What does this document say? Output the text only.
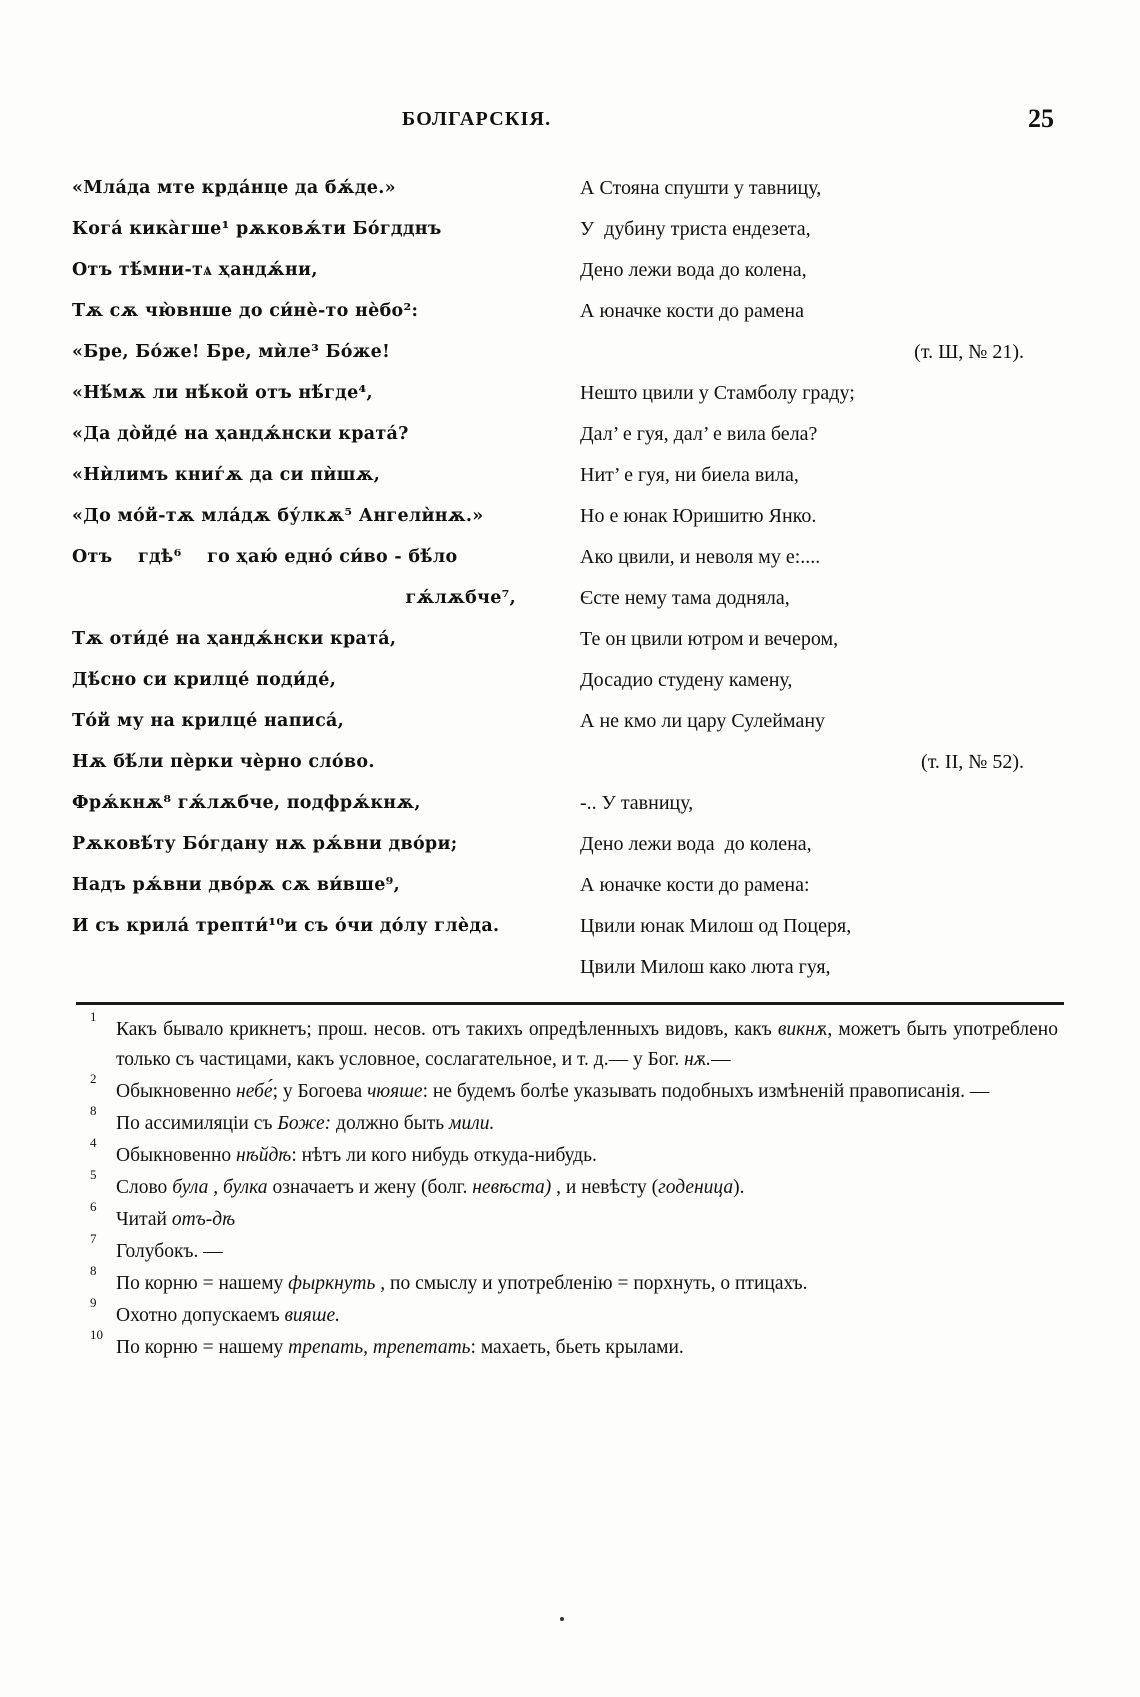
БОЛГАРСКІЯ.	25
«Мла́да мте крда́нце да бѫ́де.»
Кога́ кика̀гше¹ рѫковѫ́ти Бо́гдднъ
Отъ тѣ́мни-тѧ ҳандѫ́ни,
Тѫ сѫ чю̀внше до си́нѐ-то нѐбо²:
«Бре, Бо́же! Бре, мѝле³ Бо́же!
«Нѣ́мѫ ли нѣ́кой отъ нѣ́где⁴,
«Да до̀йде́ на ҳандѫ́нски крата́?
«Нѝлимъ книѓѫ да си пѝшѫ,
«До мо́й-тѫ мла́дѫ бу́лкѫ⁵ Ангелѝнѫ.»
Отъ    гдѣ⁶    го ҳаю́ еднó си́во - бѣ́ло
гѫ́лѫбче⁷,
Тѫ оти́де́ на ҳандѫ́нски крата́,
Дѣ́сно си крилце́ поди́де́,
То́й му на крилце́ написа́,
Нѫ бѣ́ли пѐрки чѐрно слóво.
Фрѫ́кнѫ⁸ гѫ́лѫбче, подфрѫ́кнѫ,
Рѫковѣ́ту Бо́гдану нѫ рѫ́вни двóри;
Надъ рѫ́вни двóрѫ сѫ ви́вше⁹,
И съ крила́ трепти́¹⁰и съ óчи до́лу глѐда.
А Стояна спушти у тавницу,
У  дубину триста ендезета,
Дено лежи вода до колена,
А юначке кости до рамена
(т. Ш, № 21).
Нешто цвили у Стамболу граду;
Дал’ е гуя, дал’ е вила бела?
Нит’ е гуя, ни биела вила,
Но е юнак Юришитю Янко.
Ако цвили, и неволя му е:....
Єсте нему тама додняла,
Те он цвили ютром и вечером,
Досадио студену камену,
А не кмо ли цару Сулейману
(т. II, № 52).
-.. У тавницу,
Дено лежи вода  до колена,
А юначке кости до рамена:
Цвили юнак Милош од Поцеря,
Цвили Милош како люта гуя,
1
Какъ бывало крикнетъ; прош. несов. отъ такихъ опредѣленныхъ видовъ, какъ викнѫ, можетъ быть употреблено только съ частицами, какъ условное, сослагательное, и т. д.— у Бог. нѫ.—
2
Обыкновенно небе́; у Богоева чюяше: не будемъ болѣе указывать подобныхъ измѣненій правописанія. —
8
По ассимиляціи съ Боже: должно быть мили.
4
Обыкновенно нѣйдѣ: нѣтъ ли кого нибудь откуда-нибудь.
5
Слово була , булка означаетъ и жену (болг. невѣста) , и невѣсту (годеница).
6
Читай отъ-дѣ
7
Голубокъ. —
8
По корню = нашему фыркнуть , по смыслу и употребленію = порхнуть, о птицахъ.
9
Охотно допускаемъ вияше.
10
По корню = нашему трепать, трепетать: махаеть, бьеть крылами.
